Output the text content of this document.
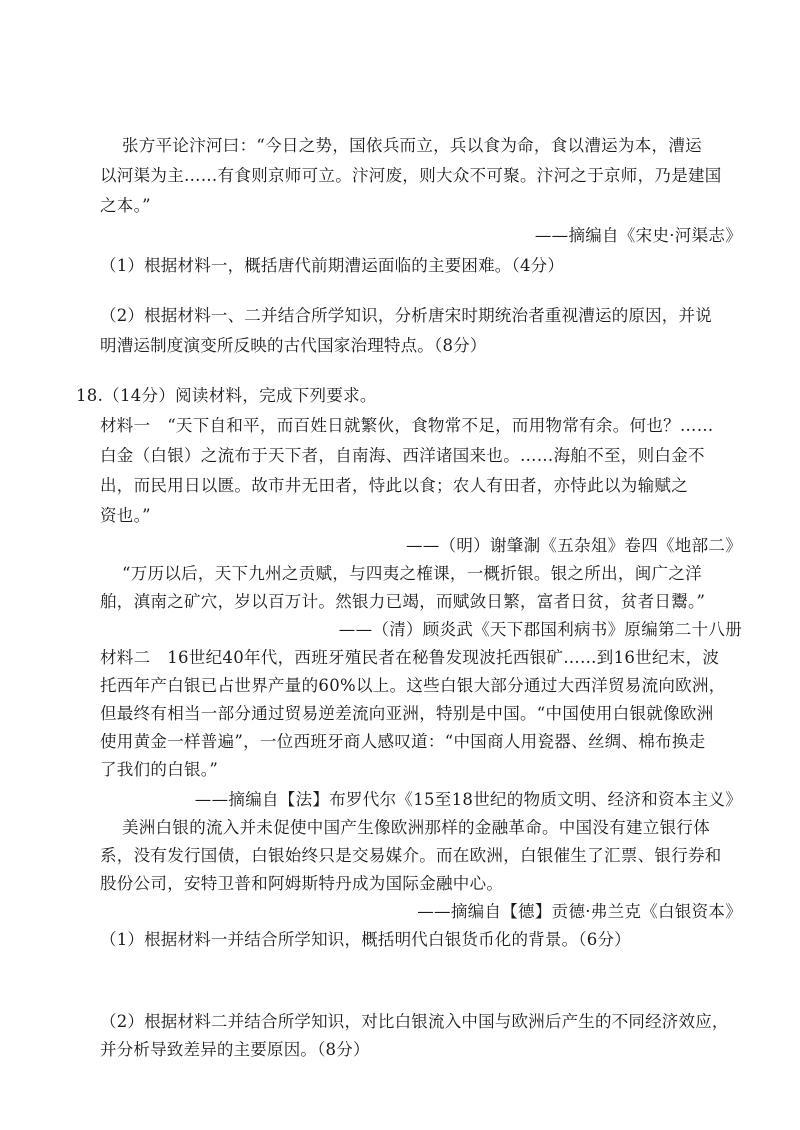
张方平论汴河曰：“今日之势，国依兵而立，兵以食为命，食以漕运为本，漕运
以河渠为主……有食则京师可立。汴河废，则大众不可聚。汴河之于京师，乃是建国
之本。”
——摘编自《宋史·河渠志》
（1）根据材料一，概括唐代前期漕运面临的主要困难。（4分）
（2）根据材料一、二并结合所学知识，分析唐宋时期统治者重视漕运的原因，并说
明漕运制度演变所反映的古代国家治理特点。（8分）
18.（14分）阅读材料，完成下列要求。
材料一　“天下自和平，而百姓日就繁伙，食物常不足，而用物常有余。何也？……
白金（白银）之流布于天下者，自南海、西洋诸国来也。……海舶不至，则白金不
出，而民用日以匮。故市井无田者，恃此以食；农人有田者，亦恃此以为输赋之
资也。”
——（明）谢肇淛《五杂俎》卷四《地部二》
“万历以后，天下九州之贡赋，与四夷之榷课，一概折银。银之所出，闽广之洋
舶，滇南之矿穴，岁以百万计。然银力已竭，而赋敛日繁，富者日贫，贫者日鬻。”
——（清）顾炎武《天下郡国利病书》原编第二十八册
材料二　16世纪40年代，西班牙殖民者在秘鲁发现波托西银矿……到16世纪末，波
托西年产白银已占世界产量的60%以上。这些白银大部分通过大西洋贸易流向欧洲，
但最终有相当一部分通过贸易逆差流向亚洲，特别是中国。“中国使用白银就像欧洲
使用黄金一样普遍”，一位西班牙商人感叹道：“中国商人用瓷器、丝绸、棉布换走
了我们的白银。”
——摘编自【法】布罗代尔《15至18世纪的物质文明、经济和资本主义》
美洲白银的流入并未促使中国产生像欧洲那样的金融革命。中国没有建立银行体
系，没有发行国债，白银始终只是交易媒介。而在欧洲，白银催生了汇票、银行券和
股份公司，安特卫普和阿姆斯特丹成为国际金融中心。
——摘编自【德】贡德·弗兰克《白银资本》
（1）根据材料一并结合所学知识，概括明代白银货币化的背景。（6分）
（2）根据材料二并结合所学知识，对比白银流入中国与欧洲后产生的不同经济效应，
并分析导致差异的主要原因。（8分）
